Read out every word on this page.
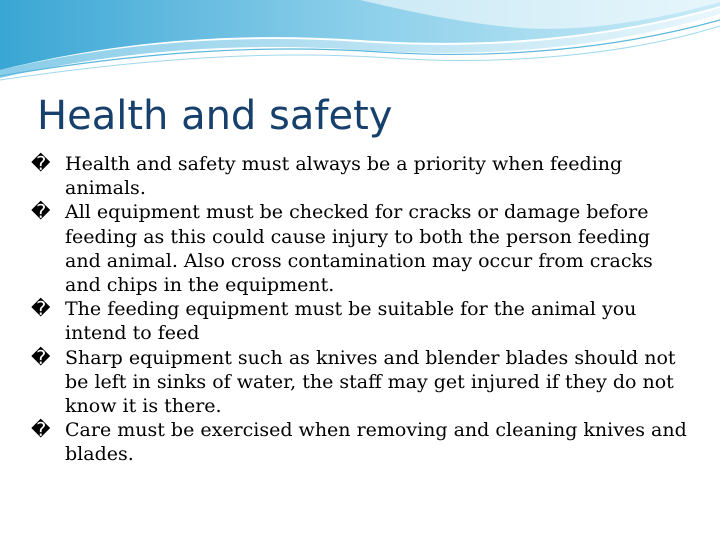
Health and safety
� Health and safety must always be a priority when feeding animals.
� All equipment must be checked for cracks or damage before feeding as this could cause injury to both the person feeding and animal. Also cross contamination may occur from cracks and chips in the equipment.
� The feeding equipment must be suitable for the animal you intend to feed
� Sharp equipment such as knives and blender blades should not be left in sinks of water, the staff may get injured if they do not know it is there.
� Care must be exercised when removing and cleaning knives and blades.
